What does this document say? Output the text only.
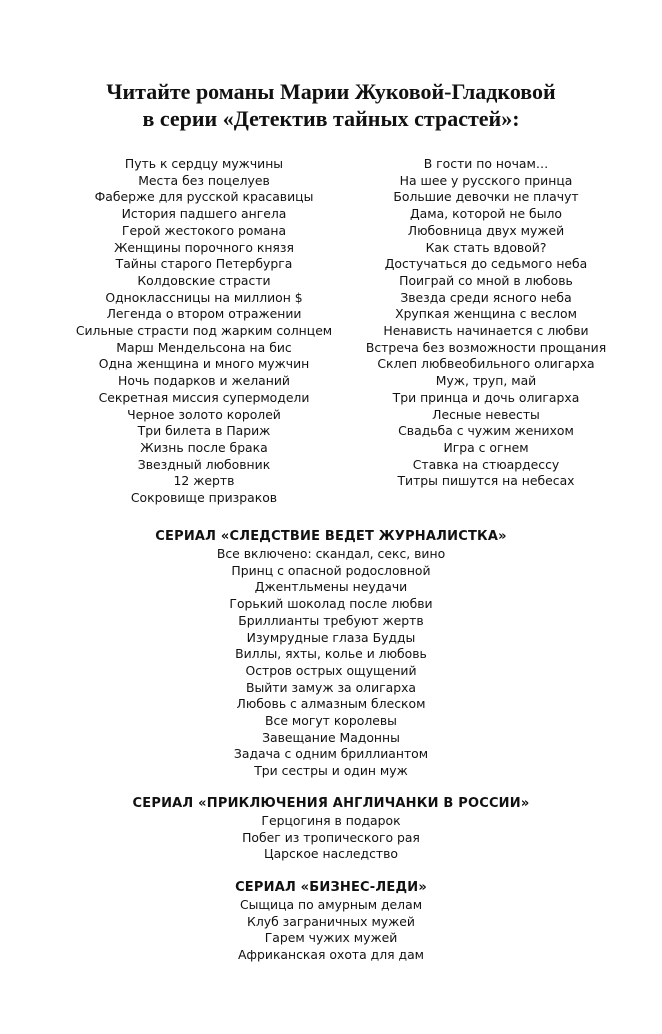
Читайте романы Марии Жуковой-Гладковой
в серии «Детектив тайных страстей»:
Путь к сердцу мужчины
Места без поцелуев
Фаберже для русской красавицы
История падшего ангела
Герой жестокого романа
Женщины порочного князя
Тайны старого Петербурга
Колдовские страсти
Одноклассницы на миллион $
Легенда о втором отражении
Сильные страсти под жарким солнцем
Марш Мендельсона на бис
Одна женщина и много мужчин
Ночь подарков и желаний
Секретная миссия супермодели
Черное золото королей
Три билета в Париж
Жизнь после брака
Звездный любовник
12 жертв
Сокровище призраков
В гости по ночам…
На шее у русского принца
Большие девочки не плачут
Дама, которой не было
Любовница двух мужей
Как стать вдовой?
Достучаться до седьмого неба
Поиграй со мной в любовь
Звезда среди ясного неба
Хрупкая женщина с веслом
Ненависть начинается с любви
Встреча без возможности прощания
Склеп любвеобильного олигарха
Муж, труп, май
Три принца и дочь олигарха
Лесные невесты
Свадьба с чужим женихом
Игра с огнем
Ставка на стюардессу
Титры пишутся на небесах
СЕРИАЛ «СЛЕДСТВИЕ ВЕДЕТ ЖУРНАЛИСТКА»
Все включено: скандал, секс, вино
Принц с опасной родословной
Джентльмены неудачи
Горький шоколад после любви
Бриллианты требуют жертв
Изумрудные глаза Будды
Виллы, яхты, колье и любовь
Остров острых ощущений
Выйти замуж за олигарха
Любовь с алмазным блеском
Все могут королевы
Завещание Мадонны
Задача с одним бриллиантом
Три сестры и один муж
СЕРИАЛ «ПРИКЛЮЧЕНИЯ АНГЛИЧАНКИ В РОССИИ»
Герцогиня в подарок
Побег из тропического рая
Царское наследство
СЕРИАЛ «БИЗНЕС-ЛЕДИ»
Сыщица по амурным делам
Клуб заграничных мужей
Гарем чужих мужей
Африканская охота для дам
